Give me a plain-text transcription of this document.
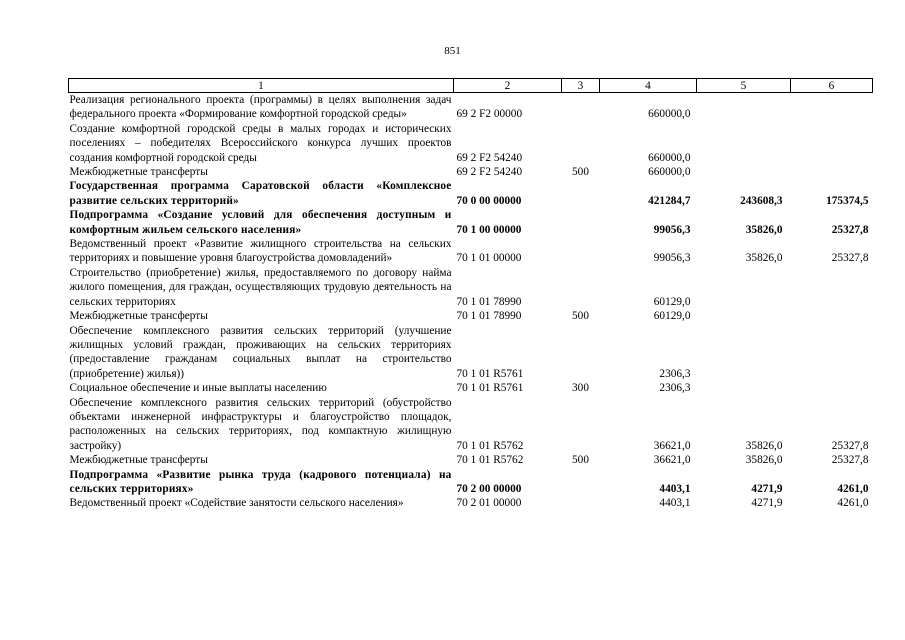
851
1	2	3	4	5	6
Реализация регионального проекта (программы) в целях выполнения задач федерального проекта «Формирование комфортной городской среды»	69 2 F2 00000		660000,0		
Создание комфортной городской среды в малых городах и исторических поселениях – победителях Всероссийского конкурса лучших проектов создания комфортной городской среды	69 2 F2 54240		660000,0		
Межбюджетные трансферты	69 2 F2 54240	500	660000,0		
Государственная программа Саратовской области «Комплексное развитие сельских территорий»	70 0 00 00000		421284,7	243608,3	175374,5
Подпрограмма «Создание условий для обеспечения доступным и комфортным жильем сельского населения»	70 1 00 00000		99056,3	35826,0	25327,8
Ведомственный проект «Развитие жилищного строительства на сельских территориях и повышение уровня благоустройства домовладений»	70 1 01 00000		99056,3	35826,0	25327,8
Строительство (приобретение) жилья, предоставляемого по договору найма жилого помещения, для граждан, осуществляющих трудовую деятельность на сельских территориях	70 1 01 78990		60129,0		
Межбюджетные трансферты	70 1 01 78990	500	60129,0		
Обеспечение комплексного развития сельских территорий (улучшение жилищных условий граждан, проживающих на сельских территориях (предоставление гражданам социальных выплат на строительство (приобретение) жилья))	70 1 01 R5761		2306,3		
Социальное обеспечение и иные выплаты населению	70 1 01 R5761	300	2306,3		
Обеспечение комплексного развития сельских территорий (обустройство объектами инженерной инфраструктуры и благоустройство площадок, расположенных на сельских территориях, под компактную жилищную застройку)	70 1 01 R5762		36621,0	35826,0	25327,8
Межбюджетные трансферты	70 1 01 R5762	500	36621,0	35826,0	25327,8
Подпрограмма «Развитие рынка труда (кадрового потенциала) на сельских территориях»	70 2 00 00000		4403,1	4271,9	4261,0
Ведомственный проект «Содействие занятости сельского населения»	70 2 01 00000		4403,1	4271,9	4261,0
